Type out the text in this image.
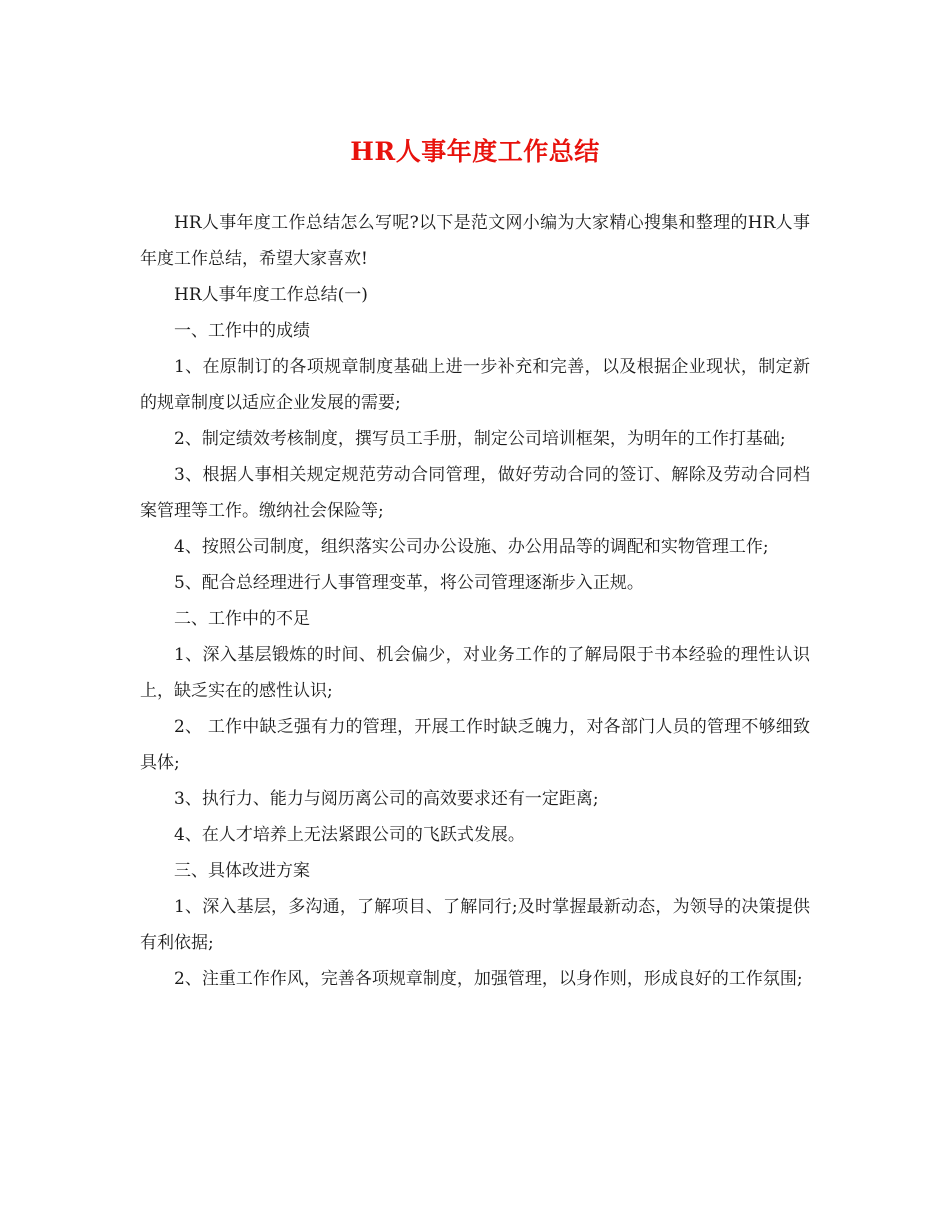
HR人事年度工作总结

HR人事年度工作总结怎么写呢?以下是范文网小编为大家精心搜集和整理的HR人事年度工作总结，希望大家喜欢!

HR人事年度工作总结(一)

一、工作中的成绩

1、在原制订的各项规章制度基础上进一步补充和完善，以及根据企业现状，制定新的规章制度以适应企业发展的需要;

2、制定绩效考核制度，撰写员工手册，制定公司培训框架，为明年的工作打基础;

3、根据人事相关规定规范劳动合同管理，做好劳动合同的签订、解除及劳动合同档案管理等工作。缴纳社会保险等;

4、按照公司制度，组织落实公司办公设施、办公用品等的调配和实物管理工作;

5、配合总经理进行人事管理变革，将公司管理逐渐步入正规。

二、工作中的不足

1、深入基层锻炼的时间、机会偏少，对业务工作的了解局限于书本经验的理性认识上，缺乏实在的感性认识;

2、 工作中缺乏强有力的管理，开展工作时缺乏魄力，对各部门人员的管理不够细致具体;

3、执行力、能力与阅历离公司的高效要求还有一定距离;

4、在人才培养上无法紧跟公司的飞跃式发展。

三、具体改进方案

1、深入基层，多沟通，了解项目、了解同行;及时掌握最新动态，为领导的决策提供有利依据;

2、注重工作作风，完善各项规章制度，加强管理，以身作则，形成良好的工作氛围;
